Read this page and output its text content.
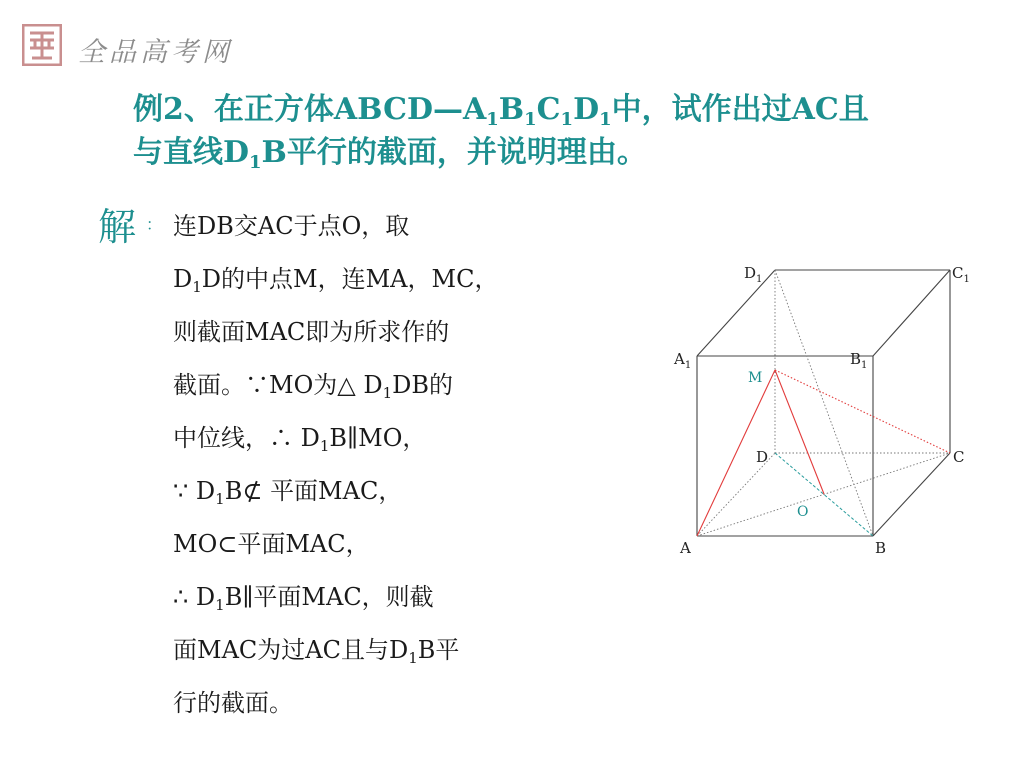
全品高考网
例2、在正方体$ABCD—A_1B_1C_1D_1$中，试作出过AC且
与直线$D_1B$平行的截面，并说明理由。
解 ： 连DB交AC于点O，取
$D_1D$的中点M，连MA，MC，
则截面MAC即为所求作的
截面。∵MO为△ $D_1DB$的
中位线，∴ $D_1B\parallel MO$，
∵ $D_1B⊄$ 平面MAC，
MO⊂平面MAC，
∴ $D_1B\parallel$平面MAC，则截
面MAC为过AC且与$D_1B$平
行的截面。
$D_1$	$C_1$
$A_1$	$B_1$
M
D	C
O
A	B
